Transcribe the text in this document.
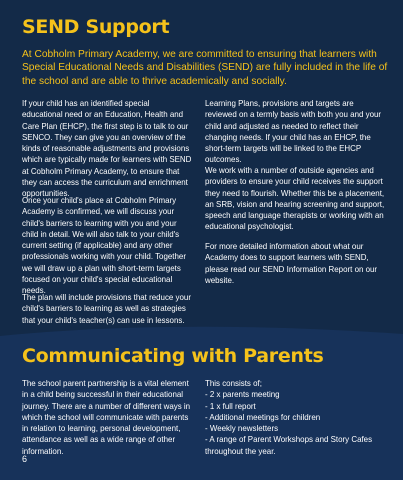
SEND Support

At Cobholm Primary Academy, we are committed to ensuring that learners with Special Educational Needs and Disabilities (SEND) are fully included in the life of the school and are able to thrive academically and socially.

If your child has an identified special educational need or an Education, Health and Care Plan (EHCP), the first step is to talk to our SENCO. They can give you an overview of the kinds of reasonable adjustments and provisions which are typically made for learners with SEND at Cobholm Primary Academy, to ensure that they can access the curriculum and enrichment opportunities.

Once your child's place at Cobholm Primary Academy is confirmed, we will discuss your child's barriers to learning with you and your child in detail. We will also talk to your child's current setting (if applicable) and any other professionals working with your child. Together we will draw up a plan with short-term targets focused on your child's special educational needs.

The plan will include provisions that reduce your child's barriers to learning as well as strategies that your child's teacher(s) can use in lessons.

Learning Plans, provisions and targets are reviewed on a termly basis with both you and your child and adjusted as needed to reflect their changing needs. If your child has an EHCP, the short-term targets will be linked to the EHCP outcomes.

We work with a number of outside agencies and providers to ensure your child receives the support they need to flourish. Whether this be a placement, an SRB, vision and hearing screening and support, speech and language therapists or working with an educational psychologist.

For more detailed information about what our Academy does to support learners with SEND, please read our SEND Information Report on our website.

Communicating with Parents

The school parent partnership is a vital element in a child being successful in their educational journey. There are a number of different ways in which the school will communicate with parents in relation to learning, personal development, attendance as well as a wide range of other information.

This consists of;
- 2 x parents meeting
- 1 x full report
- Additional meetings for children
- Weekly newsletters
- A range of Parent Workshops and Story Cafes throughout the year.
6
